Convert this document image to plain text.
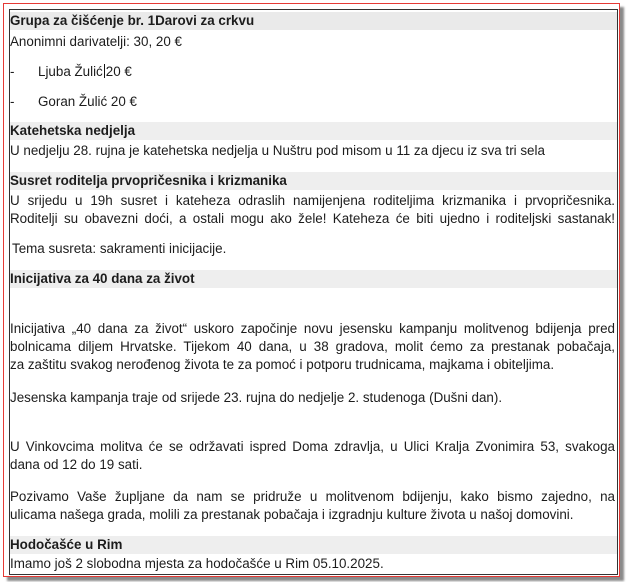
Grupa za čišćenje br. 1Darovi za crkvu
Anonimni darivatelji: 30, 20 €
- Ljuba Žulić 20 €
- Goran Žulić 20 €
Katehetska nedjelja
U nedjelju 28. rujna je katehetska nedjelja u Nuštru pod misom u 11 za djecu iz sva tri sela
Susret roditelja prvopričesnika i krizmanika
U srijedu u 19h susret i kateheza odraslih namijenjena roditeljima krizmanika i prvopričesnika.
Roditelji su obavezni doći, a ostali mogu ako žele! Kateheza će biti ujedno i roditeljski sastanak!
Tema susreta: sakramenti inicijacije.
Inicijativa za 40 dana za život
Inicijativa „40 dana za život“ uskoro započinje novu jesensku kampanju molitvenog bdijenja pred
bolnicama diljem Hrvatske. Tijekom 40 dana, u 38 gradova, molit ćemo za prestanak pobačaja,
za zaštitu svakog nerođenog života te za pomoć i potporu trudnicama, majkama i obiteljima.
Jesenska kampanja traje od srijede 23. rujna do nedjelje 2. studenoga (Dušni dan).
U Vinkovcima molitva će se održavati ispred Doma zdravlja, u Ulici Kralja Zvonimira 53, svakoga
dana od 12 do 19 sati.
Pozivamo Vaše župljane da nam se pridruže u molitvenom bdijenju, kako bismo zajedno, na
ulicama našega grada, molili za prestanak pobačaja i izgradnju kulture života u našoj domovini.
Hodočašće u Rim
Imamo još 2 slobodna mjesta za hodočašće u Rim 05.10.2025.
